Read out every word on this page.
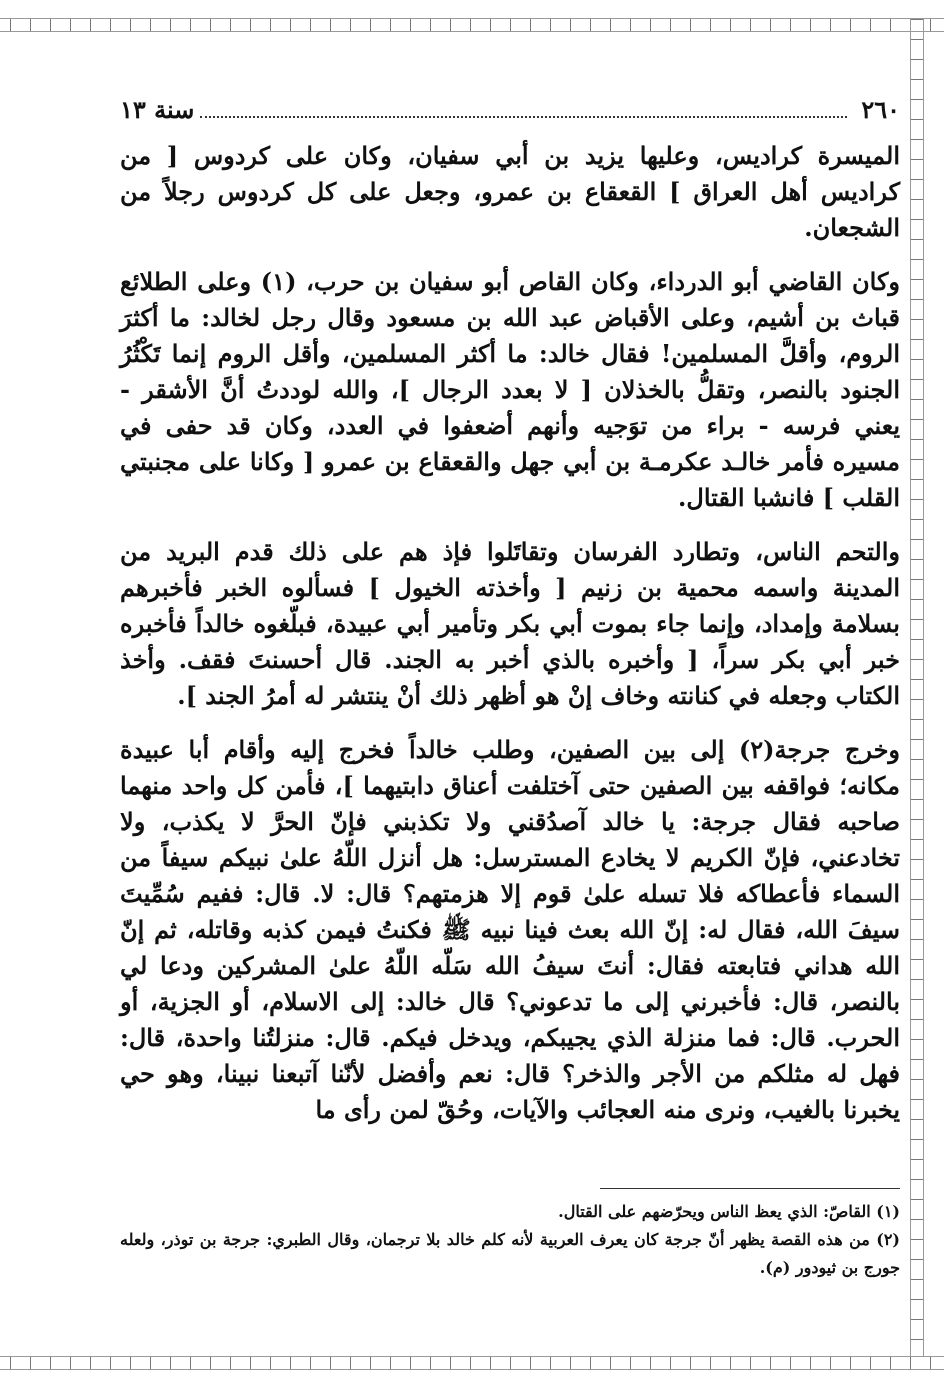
٢٦٠
سنة ١٣

الميسرة كراديس، وعليها يزيد بن أبي سفيان، وكان على كردوس [ من كراديس أهل العراق ] القعقاع بن عمرو، وجعل على كل كردوس رجلاً من الشجعان.

وكان القاضي أبو الدرداء، وكان القاص أبو سفيان بن حرب، (١) وعلى الطلائع قباث بن أشيم، وعلى الأقباض عبد الله بن مسعود وقال رجل لخالد: ما أكثرَ الروم، وأقلَّ المسلمين! فقال خالد: ما أكثر المسلمين، وأقل الروم إنما تَكْثُرُ الجنود بالنصر، وتقلُّ بالخذلان [ لا بعدد الرجال ]، والله لوددتُ أنَّ الأشقر - يعني فرسه - براء من توَجيه وأنهم أضعفوا في العدد، وكان قد حفى في مسيره فأمر خالـد عكرمـة بن أبي جهل والقعقاع بن عمرو [ وكانا على مجنبتي القلب ] فانشبا القتال.

والتحم الناس، وتطارد الفرسان وتقاتَلوا فإذ هم على ذلك قدم البريد من المدينة واسمه محمية بن زنيم [ وأخذته الخيول ] فسألوه الخبر فأخبرهم بسلامة وإمداد، وإنما جاء بموت أبي بكر وتأمير أبي عبيدة، فبلّغوه خالداً فأخبره خبر أبي بكر سراً، [ وأخبره بالذي أخبر به الجند. قال أحسنتَ فقف. وأخذ الكتاب وجعله في كنانته وخاف إنْ هو أظهر ذلك أنْ ينتشر له أمرُ الجند ].

وخرج جرجة(٢) إلى بين الصفين، وطلب خالداً فخرج إليه وأقام أبا عبيدة مكانه؛ فواقفه بين الصفين حتى آختلفت أعناق دابتيهما ]، فأمن كل واحد منهما صاحبه فقال جرجة: يا خالد آصدُقني ولا تكذبني فإنّ الحرَّ لا يكذب، ولا تخادعني، فإنّ الكريم لا يخادع المسترسل: هل أنزل اللّهُ علىٰ نبيكم سيفاً من السماء فأعطاكه فلا تسله علىٰ قوم إلا هزمتهم؟ قال: لا. قال: ففيم سُمِّيتَ سيفَ الله، فقال له: إنّ الله بعث فينا نبيه ﷺ فكنتُ فيمن كذبه وقاتله، ثم إنّ الله هداني فتابعته فقال: أنتَ سيفُ الله سَلّه اللّهُ علىٰ المشركين ودعا لي بالنصر، قال: فأخبرني إلى ما تدعوني؟ قال خالد: إلى الاسلام، أو الجزية، أو الحرب. قال: فما منزلة الذي يجيبكم، ويدخل فيكم. قال: منزلتُنا واحدة، قال: فهل له مثلكم من الأجر والذخر؟ قال: نعم وأفضل لأنّنا آتبعنا نبينا، وهو حي يخبرنا بالغيب، ونرى منه العجائب والآيات، وحُقّ لمن رأى ما

(١) القاصّ: الذي يعظ الناس ويحرّضهم على القتال.

(٢) من هذه القصة يظهر أنّ جرجة كان يعرف العربية لأنه كلم خالد بلا ترجمان، وقال الطبري: جرجة بن توذر، ولعله جورج بن ثيودور (م).
